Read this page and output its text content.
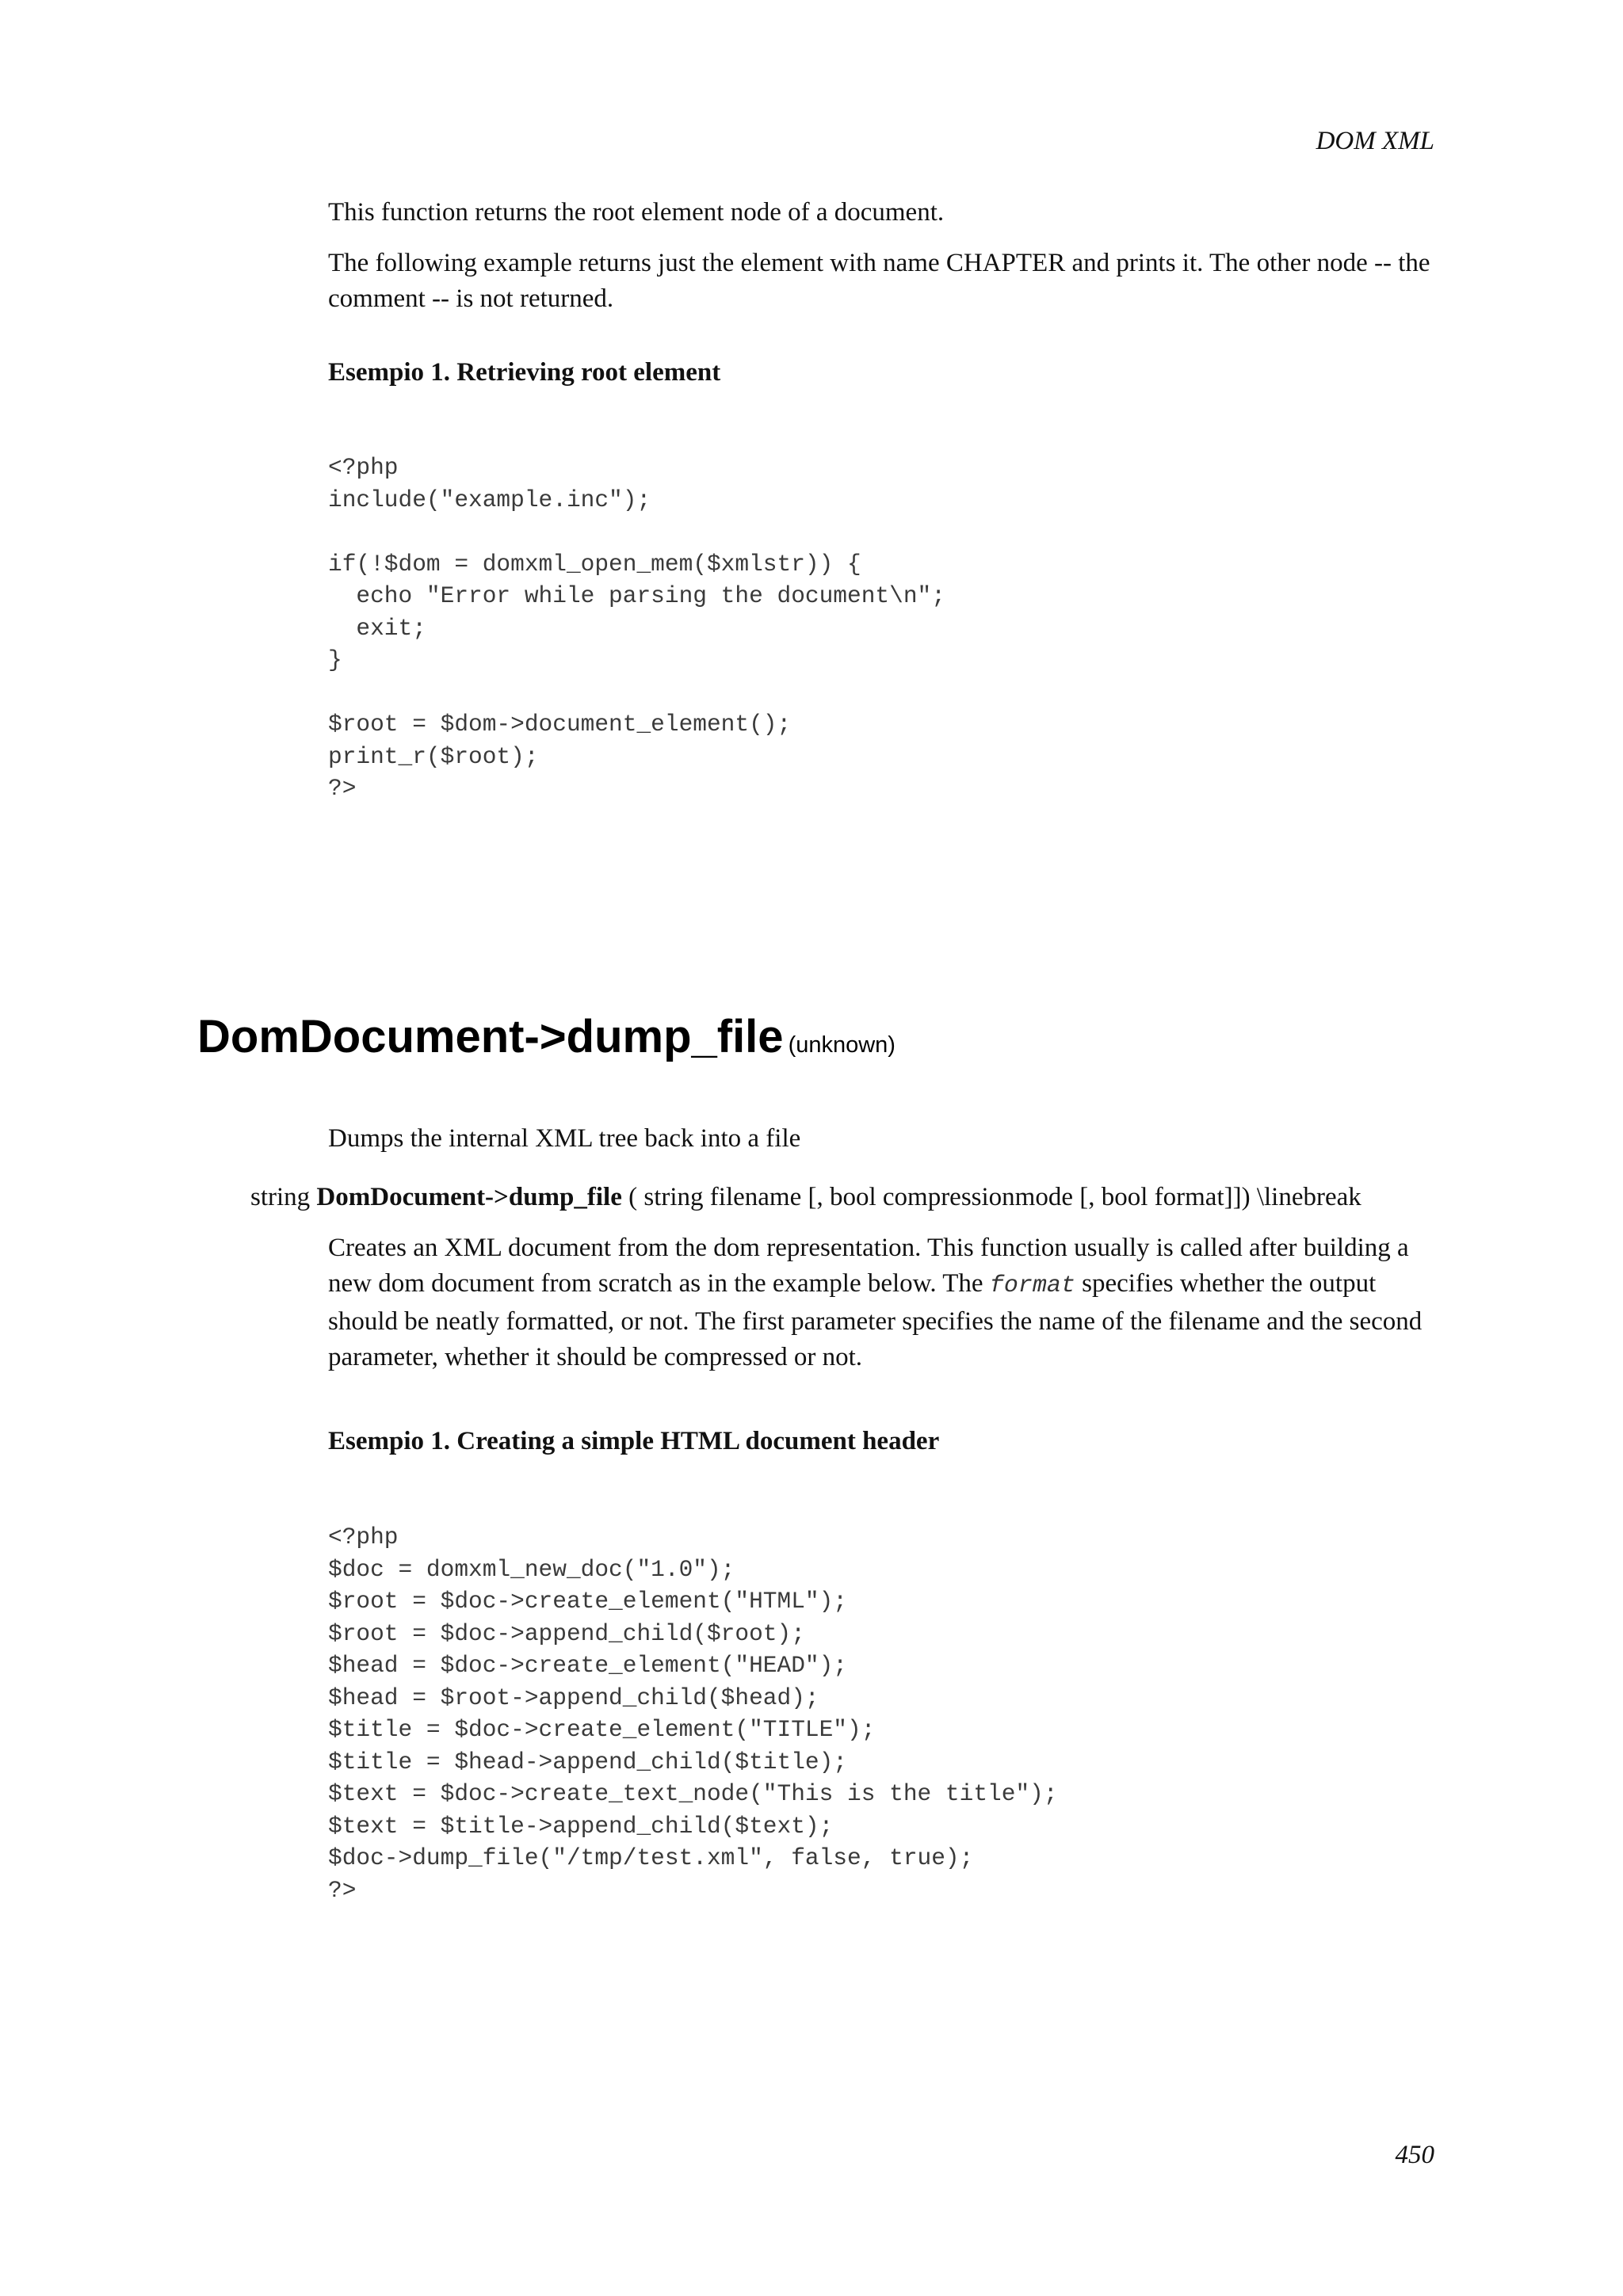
DOM XML

This function returns the root element node of a document.

The following example returns just the element with name CHAPTER and prints it. The other node -- the comment -- is not returned.

Esempio 1. Retrieving root element

<?php
include("example.inc");

if(!$dom = domxml_open_mem($xmlstr)) {
echo "Error while parsing the document\n";
exit;
}

$root = $dom->document_element();
print_r($root);
?>
DomDocument->dump_file (unknown)

Dumps the internal XML tree back into a file

string DomDocument->dump_file ( string filename [, bool compressionmode [, bool format]]) \linebreak

Creates an XML document from the dom representation. This function usually is called after building a new dom document from scratch as in the example below. The format specifies whether the output should be neatly formatted, or not. The first parameter specifies the name of the filename and the second parameter, whether it should be compressed or not.

Esempio 1. Creating a simple HTML document header

<?php
$doc = domxml_new_doc("1.0");
$root = $doc->create_element("HTML");
$root = $doc->append_child($root);
$head = $doc->create_element("HEAD");
$head = $root->append_child($head);
$title = $doc->create_element("TITLE");
$title = $head->append_child($title);
$text = $doc->create_text_node("This is the title");
$text = $title->append_child($text);
$doc->dump_file("/tmp/test.xml", false, true);
?>
450
